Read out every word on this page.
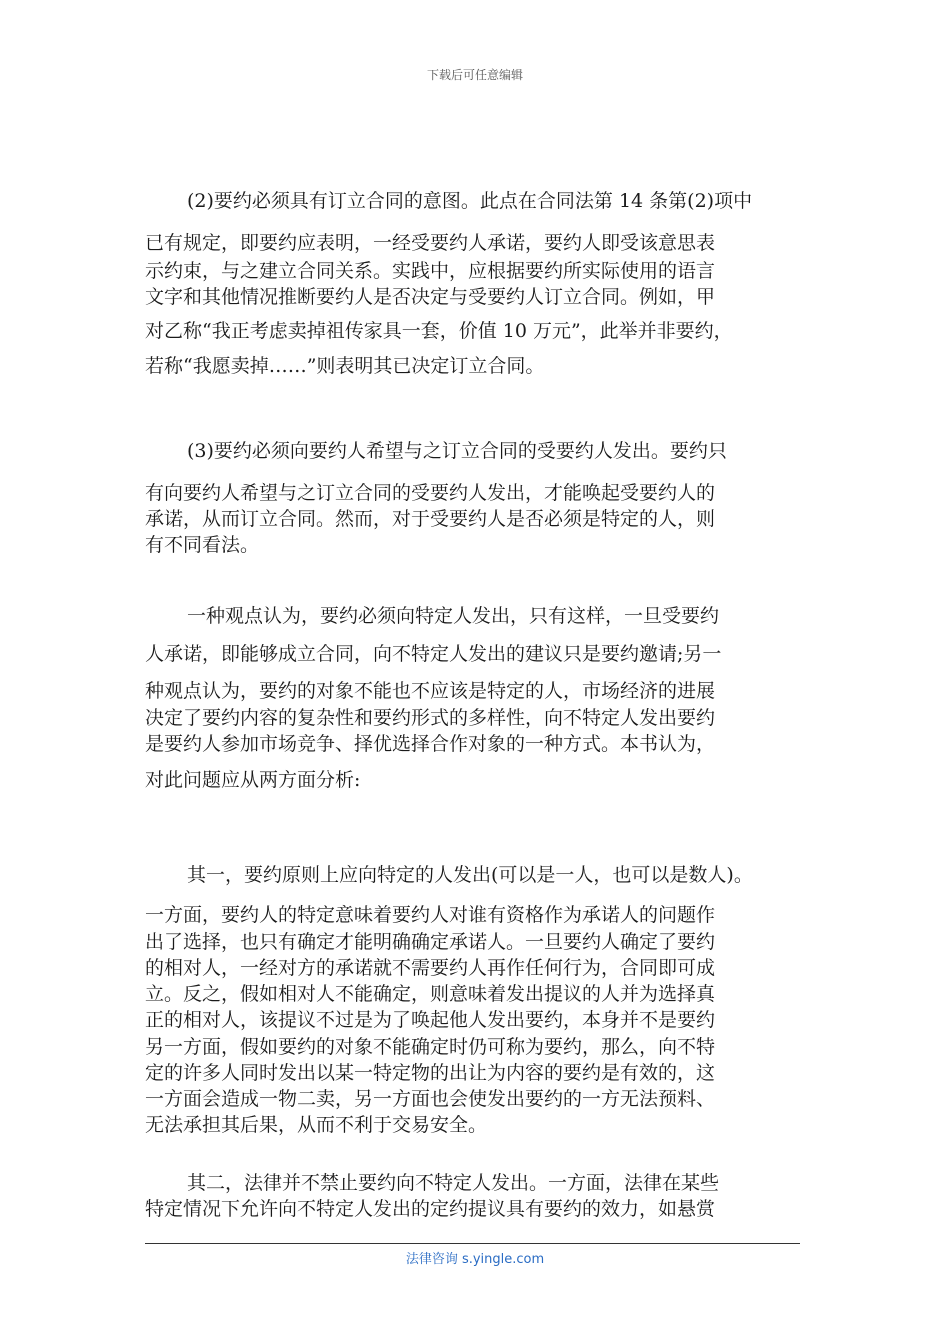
下载后可任意编辑
(2)要约必须具有订立合同的意图。此点在合同法第 14 条第(2)项中
已有规定，即要约应表明，一经受要约人承诺，要约人即受该意思表
示约束，与之建立合同关系。实践中，应根据要约所实际使用的语言
文字和其他情况推断要约人是否决定与受要约人订立合同。例如，甲
对乙称“我正考虑卖掉祖传家具一套，价值 10 万元”，此举并非要约，
若称“我愿卖掉……”则表明其已决定订立合同。
(3)要约必须向要约人希望与之订立合同的受要约人发出。要约只
有向要约人希望与之订立合同的受要约人发出，才能唤起受要约人的
承诺，从而订立合同。然而，对于受要约人是否必须是特定的人，则
有不同看法。
一种观点认为，要约必须向特定人发出，只有这样，一旦受要约
人承诺，即能够成立合同，向不特定人发出的建议只是要约邀请;另一
种观点认为，要约的对象不能也不应该是特定的人，市场经济的进展
决定了要约内容的复杂性和要约形式的多样性，向不特定人发出要约
是要约人参加市场竞争、择优选择合作对象的一种方式。本书认为，
对此问题应从两方面分析:
其一，要约原则上应向特定的人发出(可以是一人，也可以是数人)。
一方面，要约人的特定意味着要约人对谁有资格作为承诺人的问题作
出了选择，也只有确定才能明确确定承诺人。一旦要约人确定了要约
的相对人，一经对方的承诺就不需要约人再作任何行为，合同即可成
立。反之，假如相对人不能确定，则意味着发出提议的人并为选择真
正的相对人，该提议不过是为了唤起他人发出要约，本身并不是要约
另一方面，假如要约的对象不能确定时仍可称为要约，那么，向不特
定的许多人同时发出以某一特定物的出让为内容的要约是有效的，这
一方面会造成一物二卖，另一方面也会使发出要约的一方无法预料、
无法承担其后果，从而不利于交易安全。
其二，法律并不禁止要约向不特定人发出。一方面，法律在某些
特定情况下允许向不特定人发出的定约提议具有要约的效力，如悬赏
法律咨询 s.yingle.com
